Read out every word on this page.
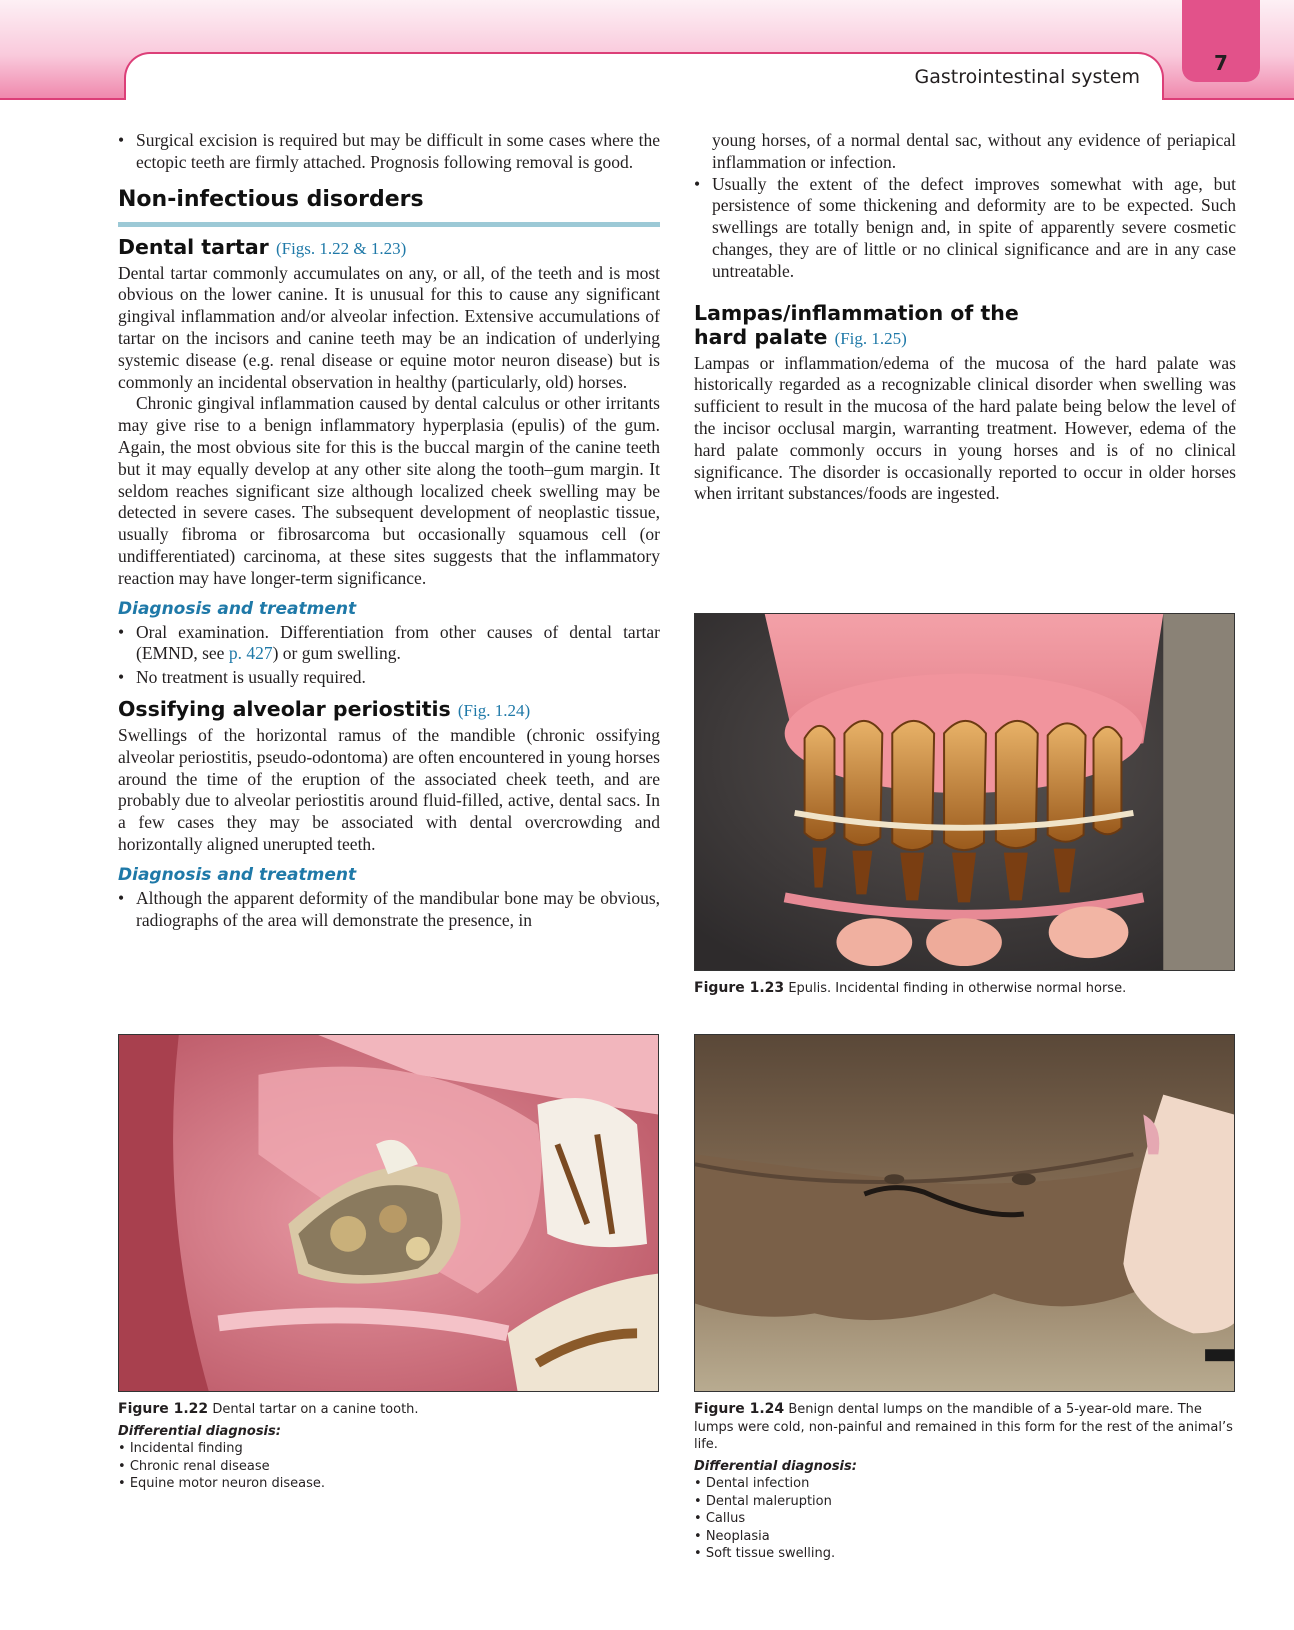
Gastrointestinal system
7
• Surgical excision is required but may be difficult in some cases where the ectopic teeth are firmly attached. Prognosis following removal is good.
Non-infectious disorders
Dental tartar (Figs. 1.22 & 1.23)

Dental tartar commonly accumulates on any, or all, of the teeth and is most obvious on the lower canine. It is unusual for this to cause any significant gingival inflammation and/or alveolar infection. Extensive accumulations of tartar on the incisors and canine teeth may be an indication of underlying systemic disease (e.g. renal disease or equine motor neuron disease) but is commonly an incidental observation in healthy (particularly, old) horses.

Chronic gingival inflammation caused by dental calculus or other irritants may give rise to a benign inflammatory hyperplasia (epulis) of the gum. Again, the most obvious site for this is the buccal margin of the canine teeth but it may equally develop at any other site along the tooth–gum margin. It seldom reaches significant size although localized cheek swelling may be detected in severe cases. The subsequent development of neoplastic tissue, usually fibroma or fibrosarcoma but occasionally squamous cell (or undifferentiated) carcinoma, at these sites suggests that the inflammatory reaction may have longer-term significance.

Diagnosis and treatment
• Oral examination. Differentiation from other causes of dental tartar (EMND, see p. 427) or gum swelling.
• No treatment is usually required.
Ossifying alveolar periostitis (Fig. 1.24)

Swellings of the horizontal ramus of the mandible (chronic ossifying alveolar periostitis, pseudo-odontoma) are often encountered in young horses around the time of the eruption of the associated cheek teeth, and are probably due to alveolar periostitis around fluid-filled, active, dental sacs. In a few cases they may be associated with dental overcrowding and horizontally aligned unerupted teeth.

Diagnosis and treatment
• Although the apparent deformity of the mandibular bone may be obvious, radiographs of the area will demonstrate the presence, in
young horses, of a normal dental sac, without any evidence of periapical inflammation or infection.
• Usually the extent of the defect improves somewhat with age, but persistence of some thickening and deformity are to be expected. Such swellings are totally benign and, in spite of apparently severe cosmetic changes, they are of little or no clinical significance and are in any case untreatable.
Lampas/inflammation of the
hard palate (Fig. 1.25)

Lampas or inflammation/edema of the mucosa of the hard palate was historically regarded as a recognizable clinical disorder when swelling was sufficient to result in the mucosa of the hard palate being below the level of the incisor occlusal margin, warranting treatment. However, edema of the hard palate commonly occurs in young horses and is of no clinical significance. The disorder is occasionally reported to occur in older horses when irritant substances/foods are ingested.

Figure 1.23 Epulis. Incidental finding in otherwise normal horse.
Figure 1.22 Dental tartar on a canine tooth.
Differential diagnosis:
• Incidental finding
• Chronic renal disease
• Equine motor neuron disease.
Figure 1.24 Benign dental lumps on the mandible of a 5-year-old mare. The lumps were cold, non-painful and remained in this form for the rest of the animal’s life.
Differential diagnosis:
• Dental infection
• Dental maleruption
• Callus
• Neoplasia
• Soft tissue swelling.
